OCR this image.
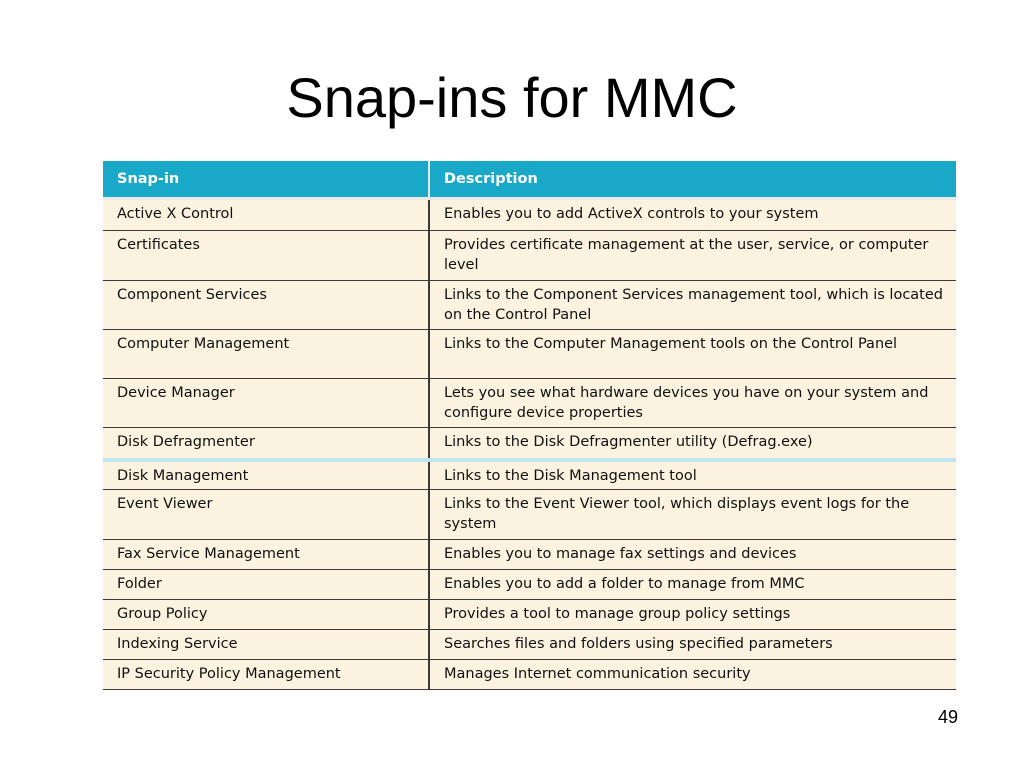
Snap-ins for MMC
Snap-in	Description
Active X Control	Enables you to add ActiveX controls to your system
Certificates	Provides certificate management at the user, service, or computer level
Component Services	Links to the Component Services management tool, which is located on the Control Panel
Computer Management	Links to the Computer Management tools on the Control Panel
Device Manager	Lets you see what hardware devices you have on your system and configure device properties
Disk Defragmenter	Links to the Disk Defragmenter utility (Defrag.exe)
Disk Management	Links to the Disk Management tool
Event Viewer	Links to the Event Viewer tool, which displays event logs for the system
Fax Service Management	Enables you to manage fax settings and devices
Folder	Enables you to add a folder to manage from MMC
Group Policy	Provides a tool to manage group policy settings
Indexing Service	Searches files and folders using specified parameters
IP Security Policy Management	Manages Internet communication security
49
